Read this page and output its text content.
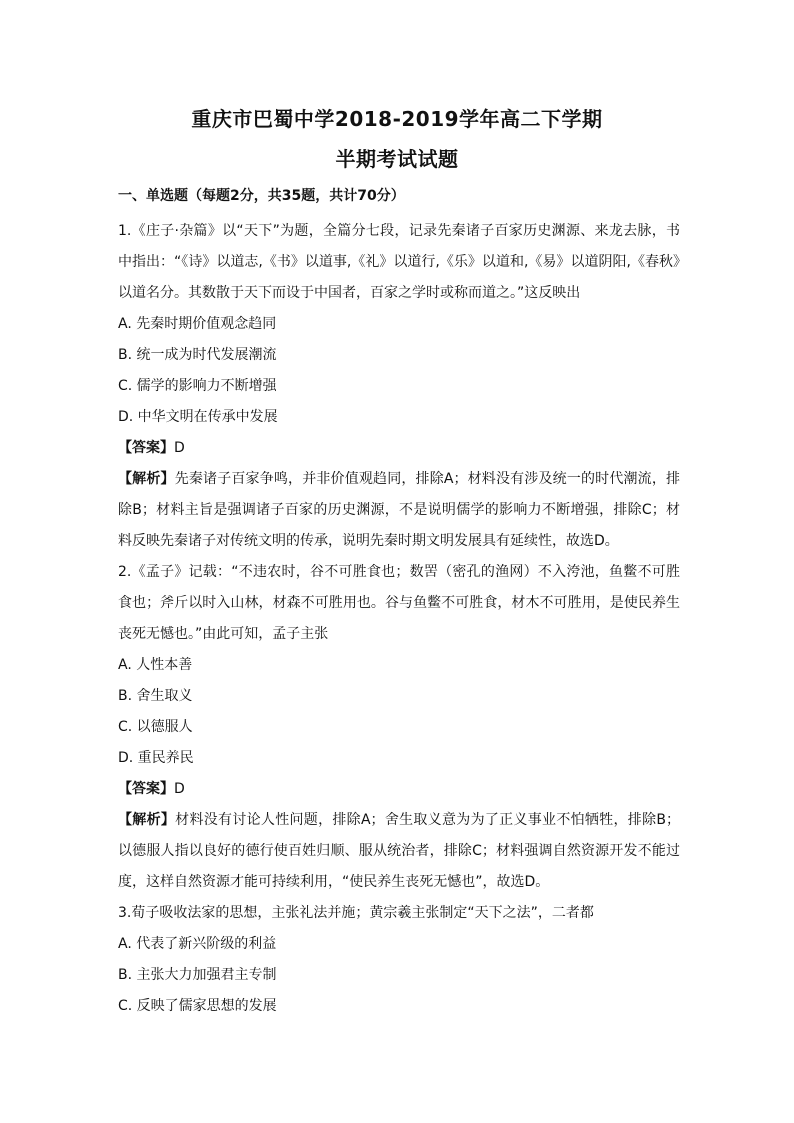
重庆市巴蜀中学2018-2019学年高二下学期
半期考试试题
一、单选题（每题2分，共35题，共计70分）

1.《庄子·杂篇》以“天下”为题，全篇分七段，记录先秦诸子百家历史渊源、来龙去脉，书中指出：“《诗》以道志,《书》以道事,《礼》以道行,《乐》以道和,《易》以道阴阳,《春秋》以道名分。其数散于天下而设于中国者，百家之学时或称而道之。”这反映出

A. 先秦时期价值观念趋同

B. 统一成为时代发展潮流

C. 儒学的影响力不断增强

D. 中华文明在传承中发展

【答案】D

【解析】先秦诸子百家争鸣，并非价值观趋同，排除A；材料没有涉及统一的时代潮流，排除B；材料主旨是强调诸子百家的历史渊源，不是说明儒学的影响力不断增强，排除C；材料反映先秦诸子对传统文明的传承，说明先秦时期文明发展具有延续性，故选D。

2.《孟子》记载：“不违农时，谷不可胜食也；数罟（密孔的渔网）不入洿池，鱼鳖不可胜食也；斧斤以时入山林，材森不可胜用也。谷与鱼鳖不可胜食，材木不可胜用，是使民养生丧死无憾也。”由此可知，孟子主张

A. 人性本善

B. 舍生取义

C. 以德服人

D. 重民养民

【答案】D

【解析】材料没有讨论人性问题，排除A；舍生取义意为为了正义事业不怕牺牲，排除B；以德服人指以良好的德行使百姓归顺、服从统治者，排除C；材料强调自然资源开发不能过度，这样自然资源才能可持续利用，“使民养生丧死无憾也”，故选D。

3.荀子吸收法家的思想，主张礼法并施；黄宗羲主张制定“天下之法”，二者都

A. 代表了新兴阶级的利益

B. 主张大力加强君主专制

C. 反映了儒家思想的发展
